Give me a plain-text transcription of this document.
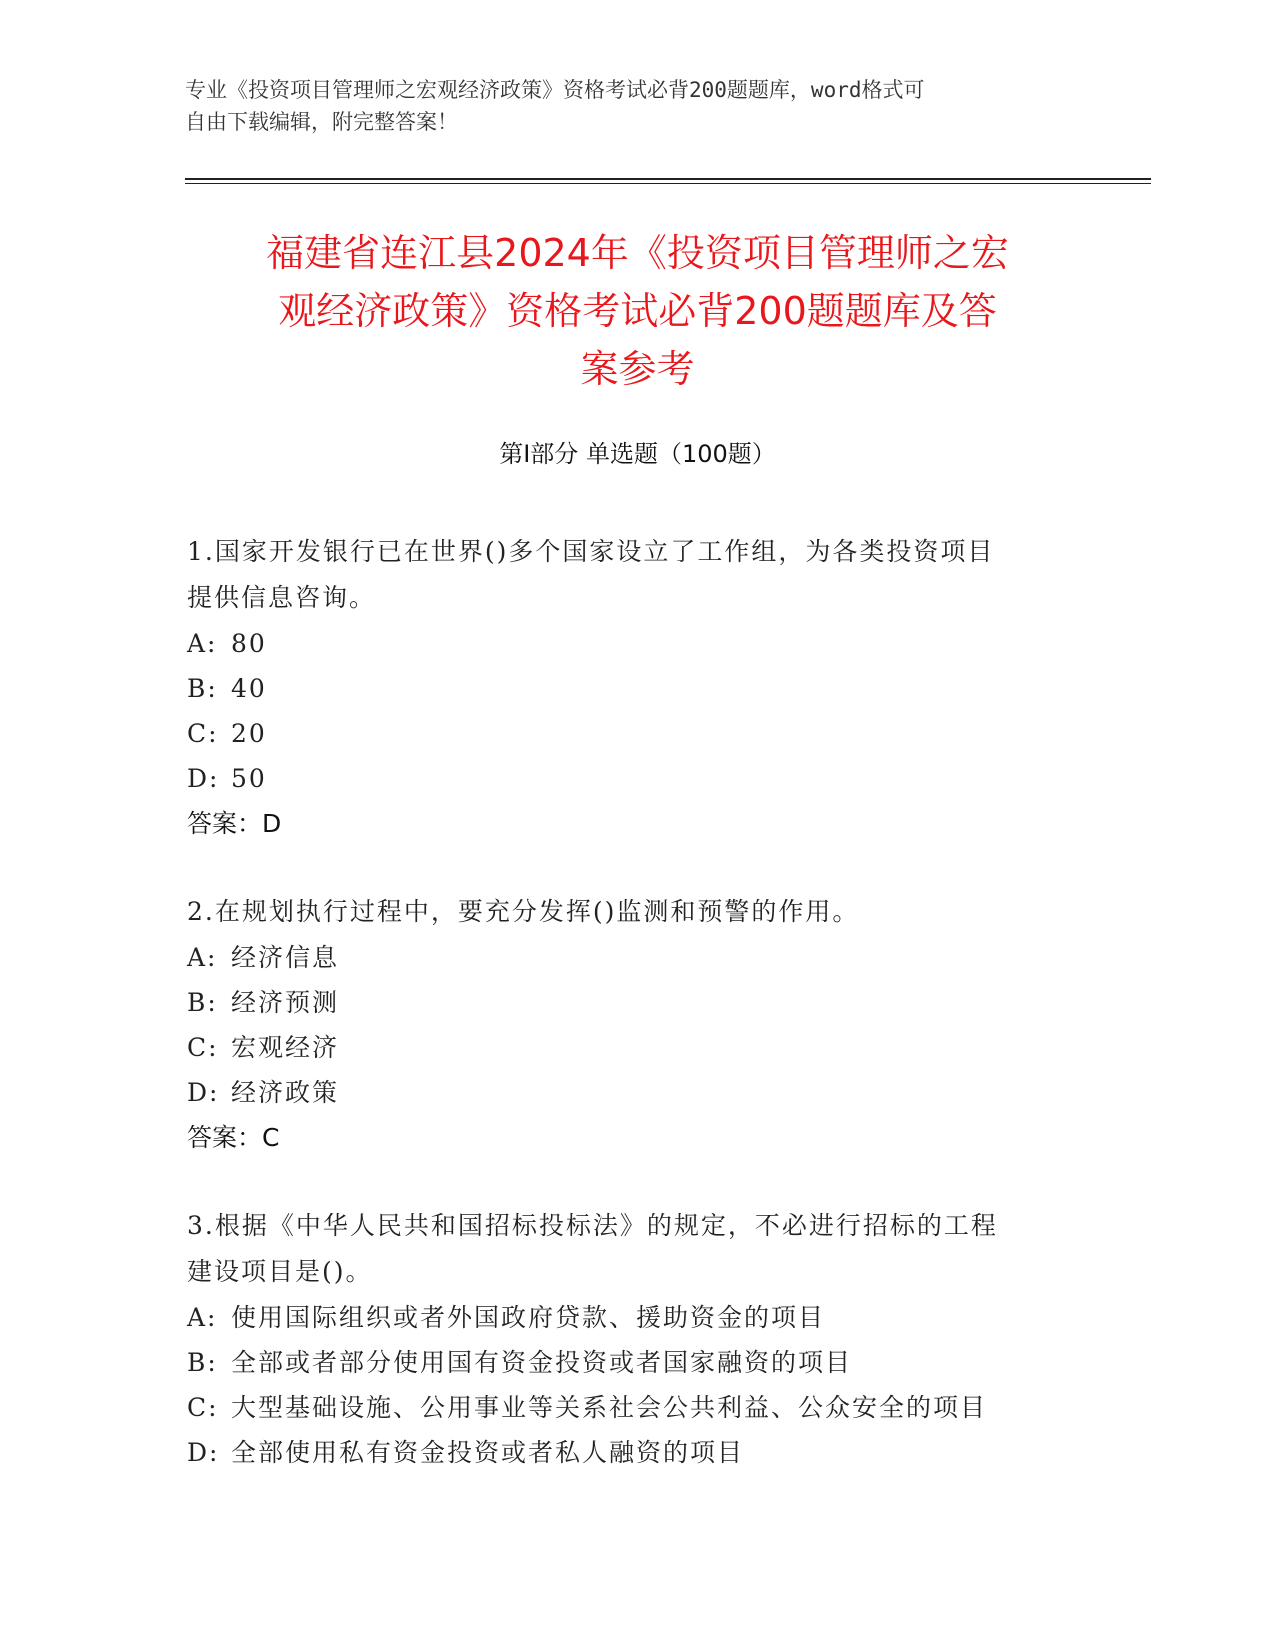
专业《投资项目管理师之宏观经济政策》资格考试必背200题题库，word格式可
自由下载编辑，附完整答案！
福建省连江县2024年《投资项目管理师之宏
观经济政策》资格考试必背200题题库及答
案参考
第Ⅰ部分 单选题（100题）
1.国家开发银行已在世界()多个国家设立了工作组，为各类投资项目
提供信息咨询。
A: 80
B: 40
C: 20
D: 50
答案：D
2.在规划执行过程中，要充分发挥()监测和预警的作用。
A: 经济信息
B: 经济预测
C: 宏观经济
D: 经济政策
答案：C
3.根据《中华人民共和国招标投标法》的规定，不必进行招标的工程
建设项目是()。
A: 使用国际组织或者外国政府贷款、援助资金的项目
B: 全部或者部分使用国有资金投资或者国家融资的项目
C: 大型基础设施、公用事业等关系社会公共利益、公众安全的项目
D: 全部使用私有资金投资或者私人融资的项目
